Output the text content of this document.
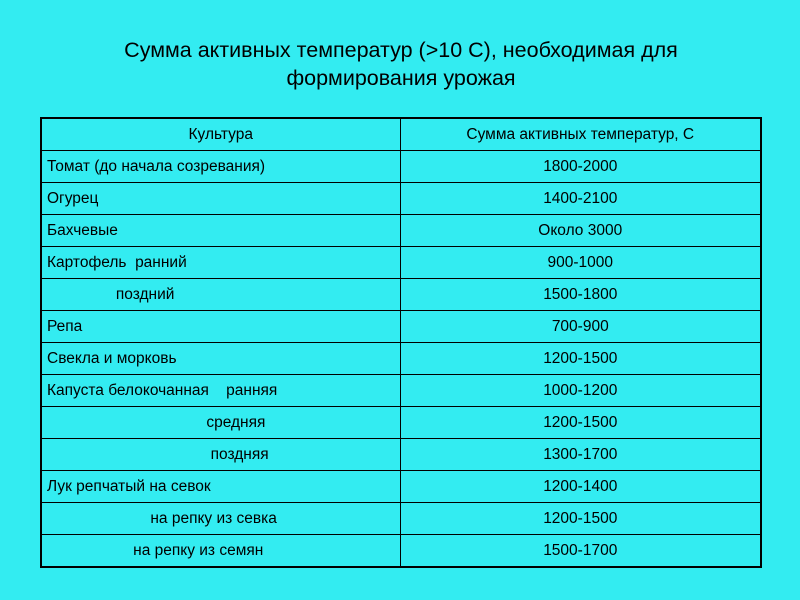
Сумма активных температур (>10 С), необходимая для
формирования урожая
Культура	Сумма активных температур, С
Томат (до начала созревания)	1800-2000
Огурец	1400-2100
Бахчевые	Около 3000
Картофель  ранний	900-1000
поздний	1500-1800
Репа	700-900
Свекла и морковь	1200-1500
Капуста белокочанная    ранняя	1000-1200
средняя	1200-1500
поздняя	1300-1700
Лук репчатый на севок	1200-1400
на репку из севка	1200-1500
на репку из семян	1500-1700
